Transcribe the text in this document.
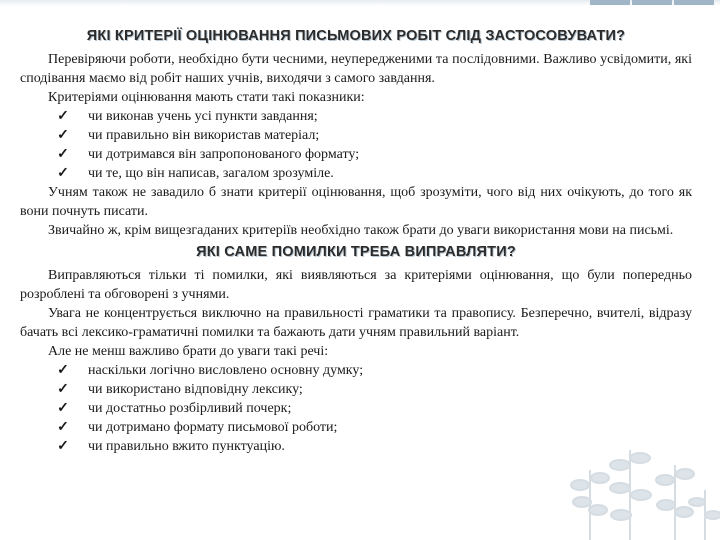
ЯКІ КРИТЕРІЇ ОЦІНЮВАННЯ ПИСЬМОВИХ РОБІТ СЛІД ЗАСТОСОВУВАТИ?

Перевіряючи роботи, необхідно бути чесними, неупередженими та послідовними. Важливо усвідомити, які сподівання маємо від робіт наших учнів, виходячи з самого завдання.

Критеріями оцінювання мають стати такі показники:

✓ чи виконав учень усі пункти завдання;
✓ чи правильно він використав матеріал;
✓ чи дотримався він запропонованого формату;
✓ чи те, що він написав, загалом зрозуміле.

Учням також не завадило б знати критерії оцінювання, щоб зрозуміти, чого від них очікують, до того як вони почнуть писати.

Звичайно ж, крім вищезгаданих критеріїв необхідно також брати до уваги використання мови на письмі.

ЯКІ САМЕ ПОМИЛКИ ТРЕБА ВИПРАВЛЯТИ?

Виправляються тільки ті помилки, які виявляються за критеріями оцінювання, що були попередньо розроблені та обговорені з учнями.

Увага не концентрується виключно на правильності граматики та правопису. Безперечно, вчителі, відразу бачать всі лексико-граматичні помилки та бажають дати учням правильний варіант.

Але не менш важливо брати до уваги такі речі:

✓ наскільки логічно висловлено основну думку;
✓ чи використано відповідну лексику;
✓ чи достатньо розбірливий почерк;
✓ чи дотримано формату письмової роботи;
✓ чи правильно вжито пунктуацію.
